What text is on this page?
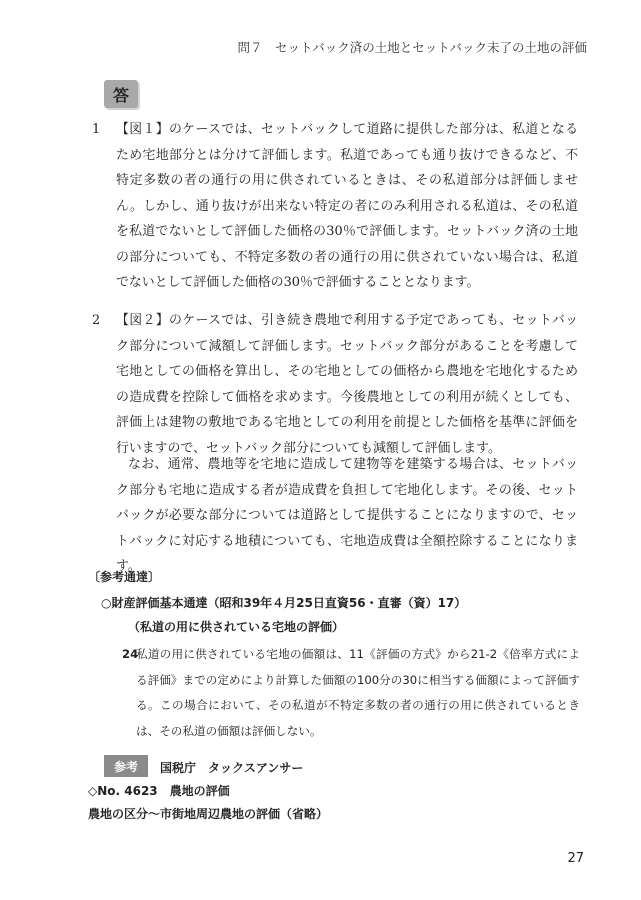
問７　セットバック済の土地とセットバック未了の土地の評価
答
1 【図１】のケースでは、セットバックして道路に提供した部分は、私道となるため宅地部分とは分けて評価します。私道であっても通り抜けできるなど、不特定多数の者の通行の用に供されているときは、その私道部分は評価しません。しかし、通り抜けが出来ない特定の者にのみ利用される私道は、その私道を私道でないとして評価した価格の30％で評価します。セットバック済の土地の部分についても、不特定多数の者の通行の用に供されていない場合は、私道でないとして評価した価格の30％で評価することとなります。
2 【図２】のケースでは、引き続き農地で利用する予定であっても、セットバック部分について減額して評価します。セットバック部分があることを考慮して宅地としての価格を算出し、その宅地としての価格から農地を宅地化するための造成費を控除して価格を求めます。今後農地としての利用が続くとしても、評価上は建物の敷地である宅地としての利用を前提とした価格を基準に評価を行いますので、セットバック部分についても減額して評価します。
なお、通常、農地等を宅地に造成して建物等を建築する場合は、セットバック部分も宅地に造成する者が造成費を負担して宅地化します。その後、セットバックが必要な部分については道路として提供することになりますので、セットバックに対応する地積についても、宅地造成費は全額控除することになります。
〔参考通達〕
○財産評価基本通達（昭和39年４月25日直資56・直審（資）17）
（私道の用に供されている宅地の評価）
24
私道の用に供されている宅地の価額は、11《評価の方式》から21-2《倍率方式による評価》までの定めにより計算した価額の100分の30に相当する価額によって評価する。この場合において、その私道が不特定多数の者の通行の用に供されているときは、その私道の価額は評価しない。
参考	国税庁　タックスアンサー
◇No. 4623　農地の評価
農地の区分～市街地周辺農地の評価（省略）
27
